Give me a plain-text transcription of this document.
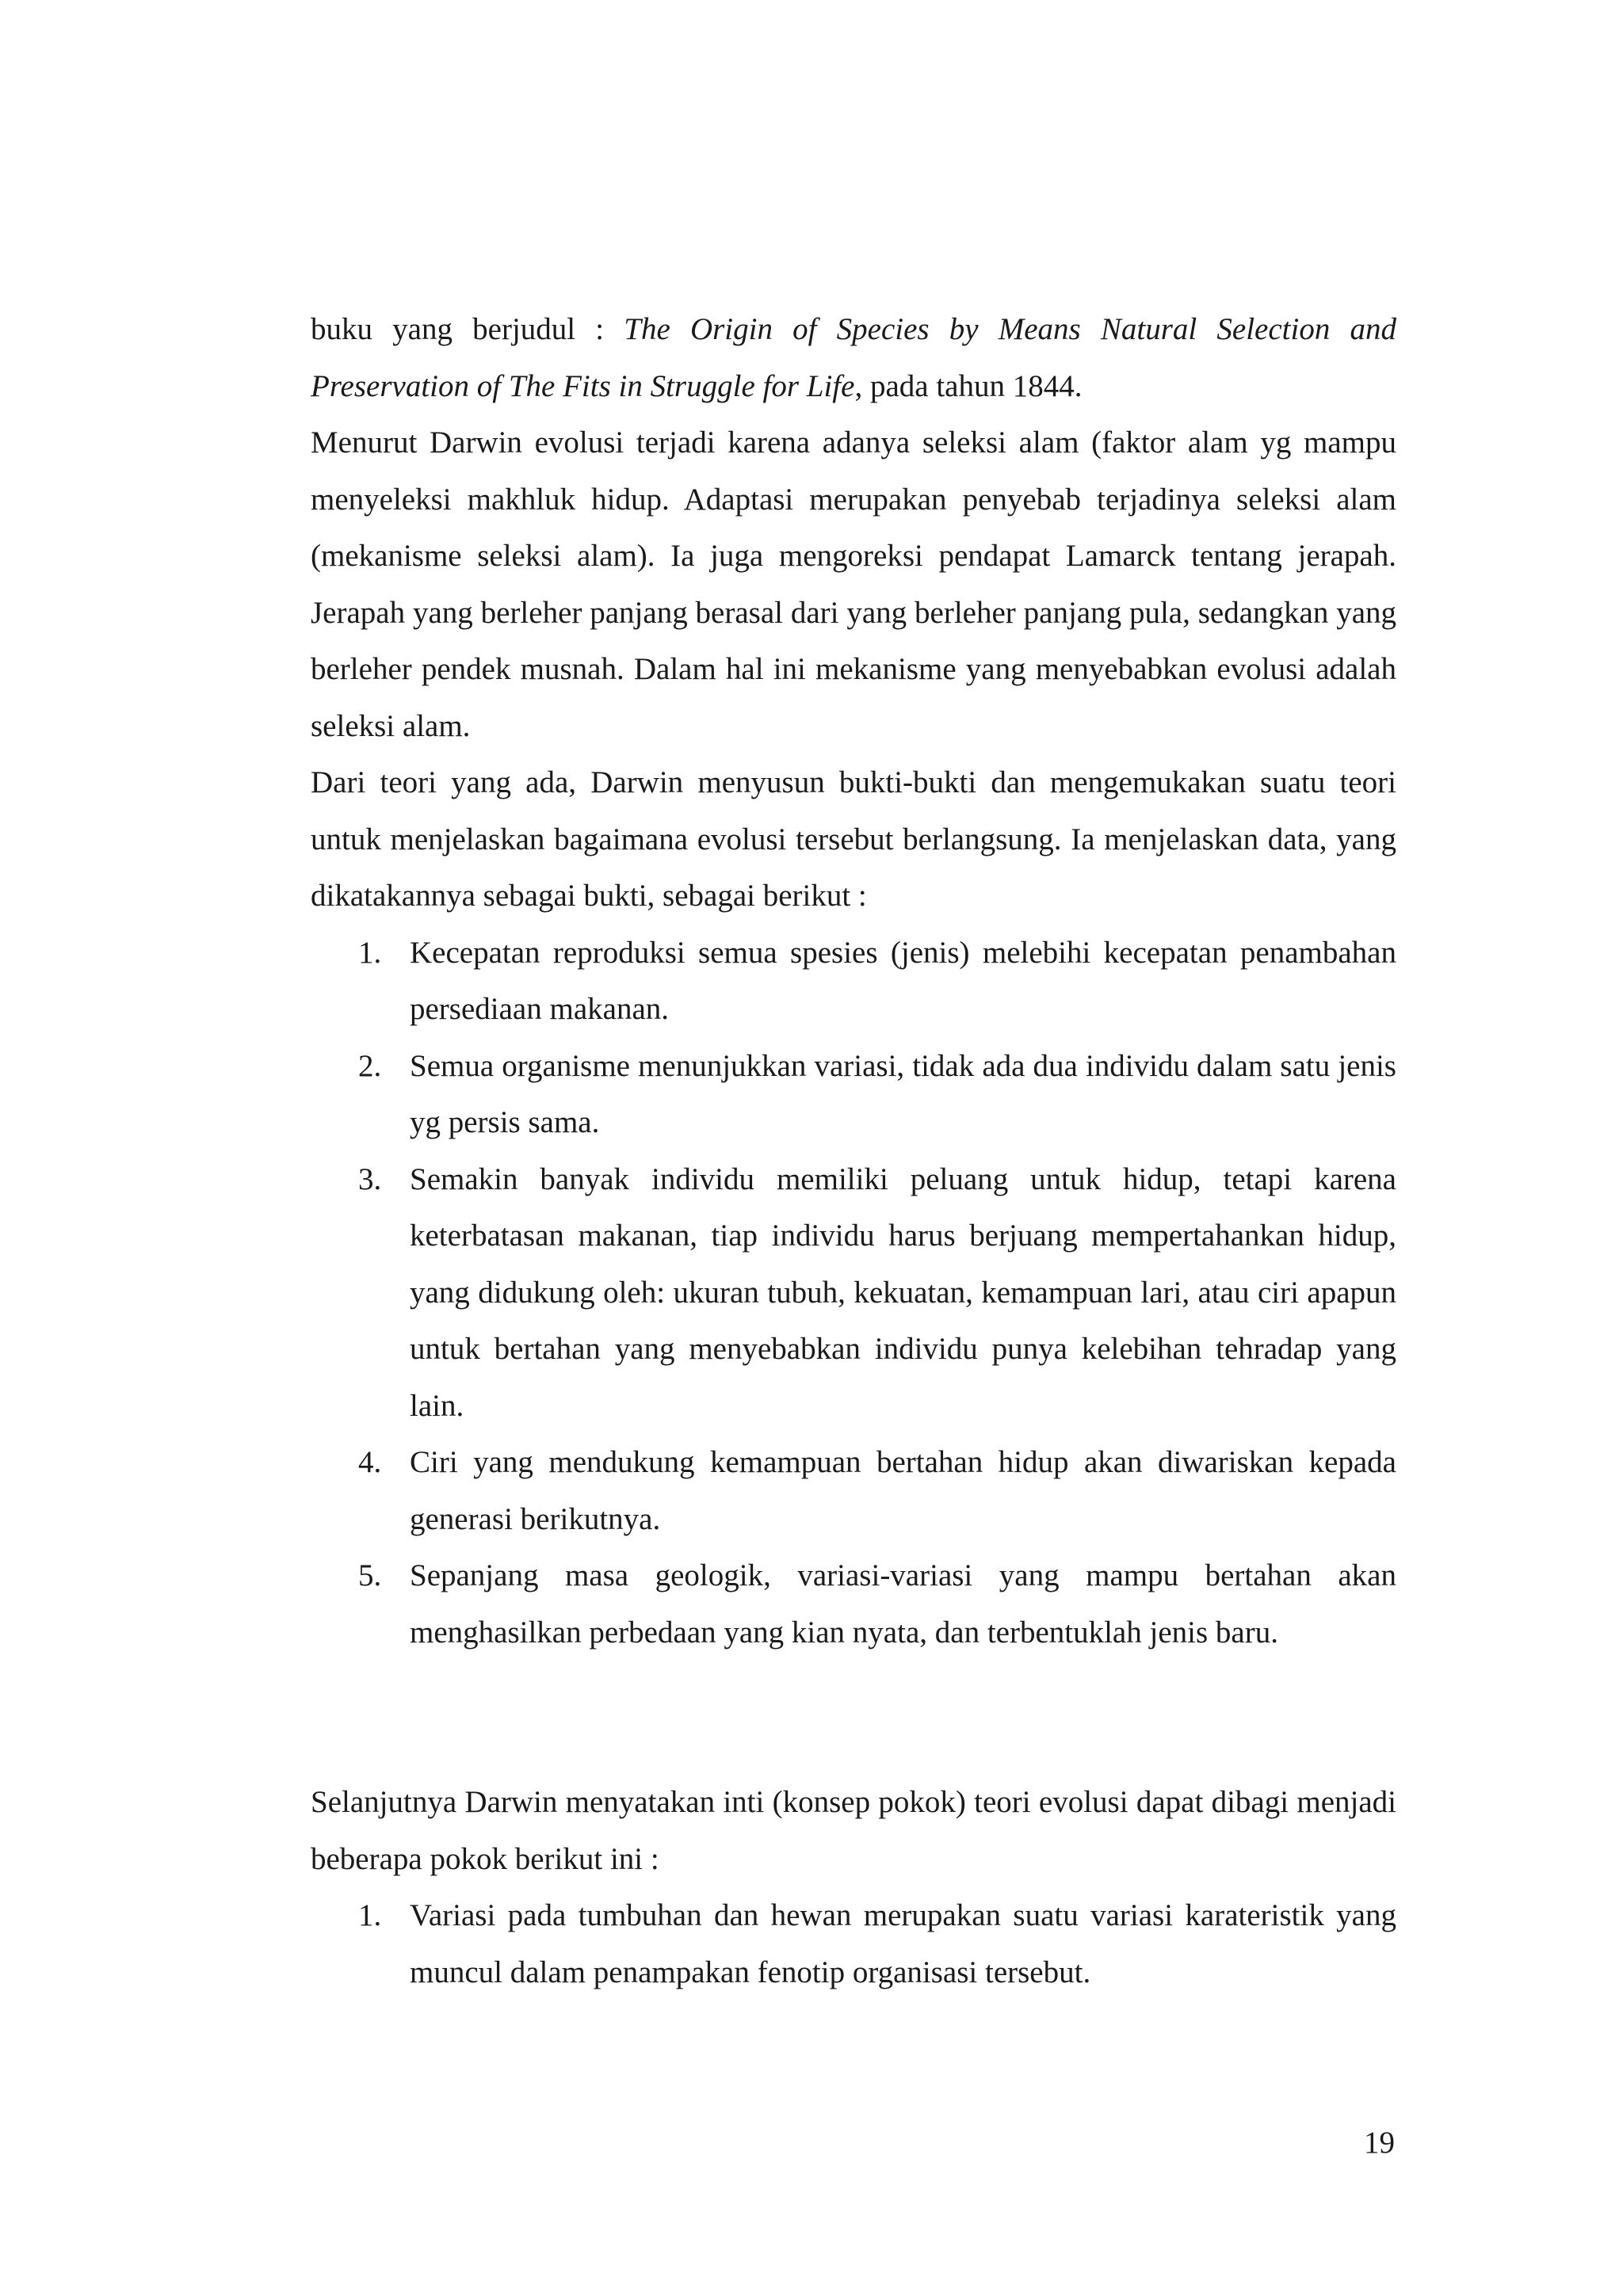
buku yang berjudul : The Origin of Species by Means Natural Selection and Preservation of The Fits in Struggle for Life, pada tahun 1844.

Menurut Darwin evolusi terjadi karena adanya seleksi alam (faktor alam yg mampu menyeleksi makhluk hidup. Adaptasi merupakan penyebab terjadinya seleksi alam (mekanisme seleksi alam). Ia juga mengoreksi pendapat Lamarck tentang jerapah. Jerapah yang berleher panjang berasal dari yang berleher panjang pula, sedangkan yang berleher pendek musnah. Dalam hal ini mekanisme yang menyebabkan evolusi adalah seleksi alam.

Dari teori yang ada, Darwin menyusun bukti-bukti dan mengemukakan suatu teori untuk menjelaskan bagaimana evolusi tersebut berlangsung. Ia menjelaskan data, yang dikatakannya sebagai bukti, sebagai berikut :

1. Kecepatan reproduksi semua spesies (jenis) melebihi kecepatan penambahan persediaan makanan.
2. Semua organisme menunjukkan variasi, tidak ada dua individu dalam satu jenis yg persis sama.
3. Semakin banyak individu memiliki peluang untuk hidup, tetapi karena keterbatasan makanan, tiap individu harus berjuang mempertahankan hidup, yang didukung oleh: ukuran tubuh, kekuatan, kemampuan lari, atau ciri apapun untuk bertahan yang menyebabkan individu punya kelebihan tehradap yang lain.
4. Ciri yang mendukung kemampuan bertahan hidup akan diwariskan kepada generasi berikutnya.
5. Sepanjang masa geologik, variasi-variasi yang mampu bertahan akan menghasilkan perbedaan yang kian nyata, dan terbentuklah jenis baru.

Selanjutnya Darwin menyatakan inti (konsep pokok) teori evolusi dapat dibagi menjadi beberapa pokok berikut ini :

1. Variasi pada tumbuhan dan hewan merupakan suatu variasi karateristik yang muncul dalam penampakan fenotip organisasi tersebut.
19
